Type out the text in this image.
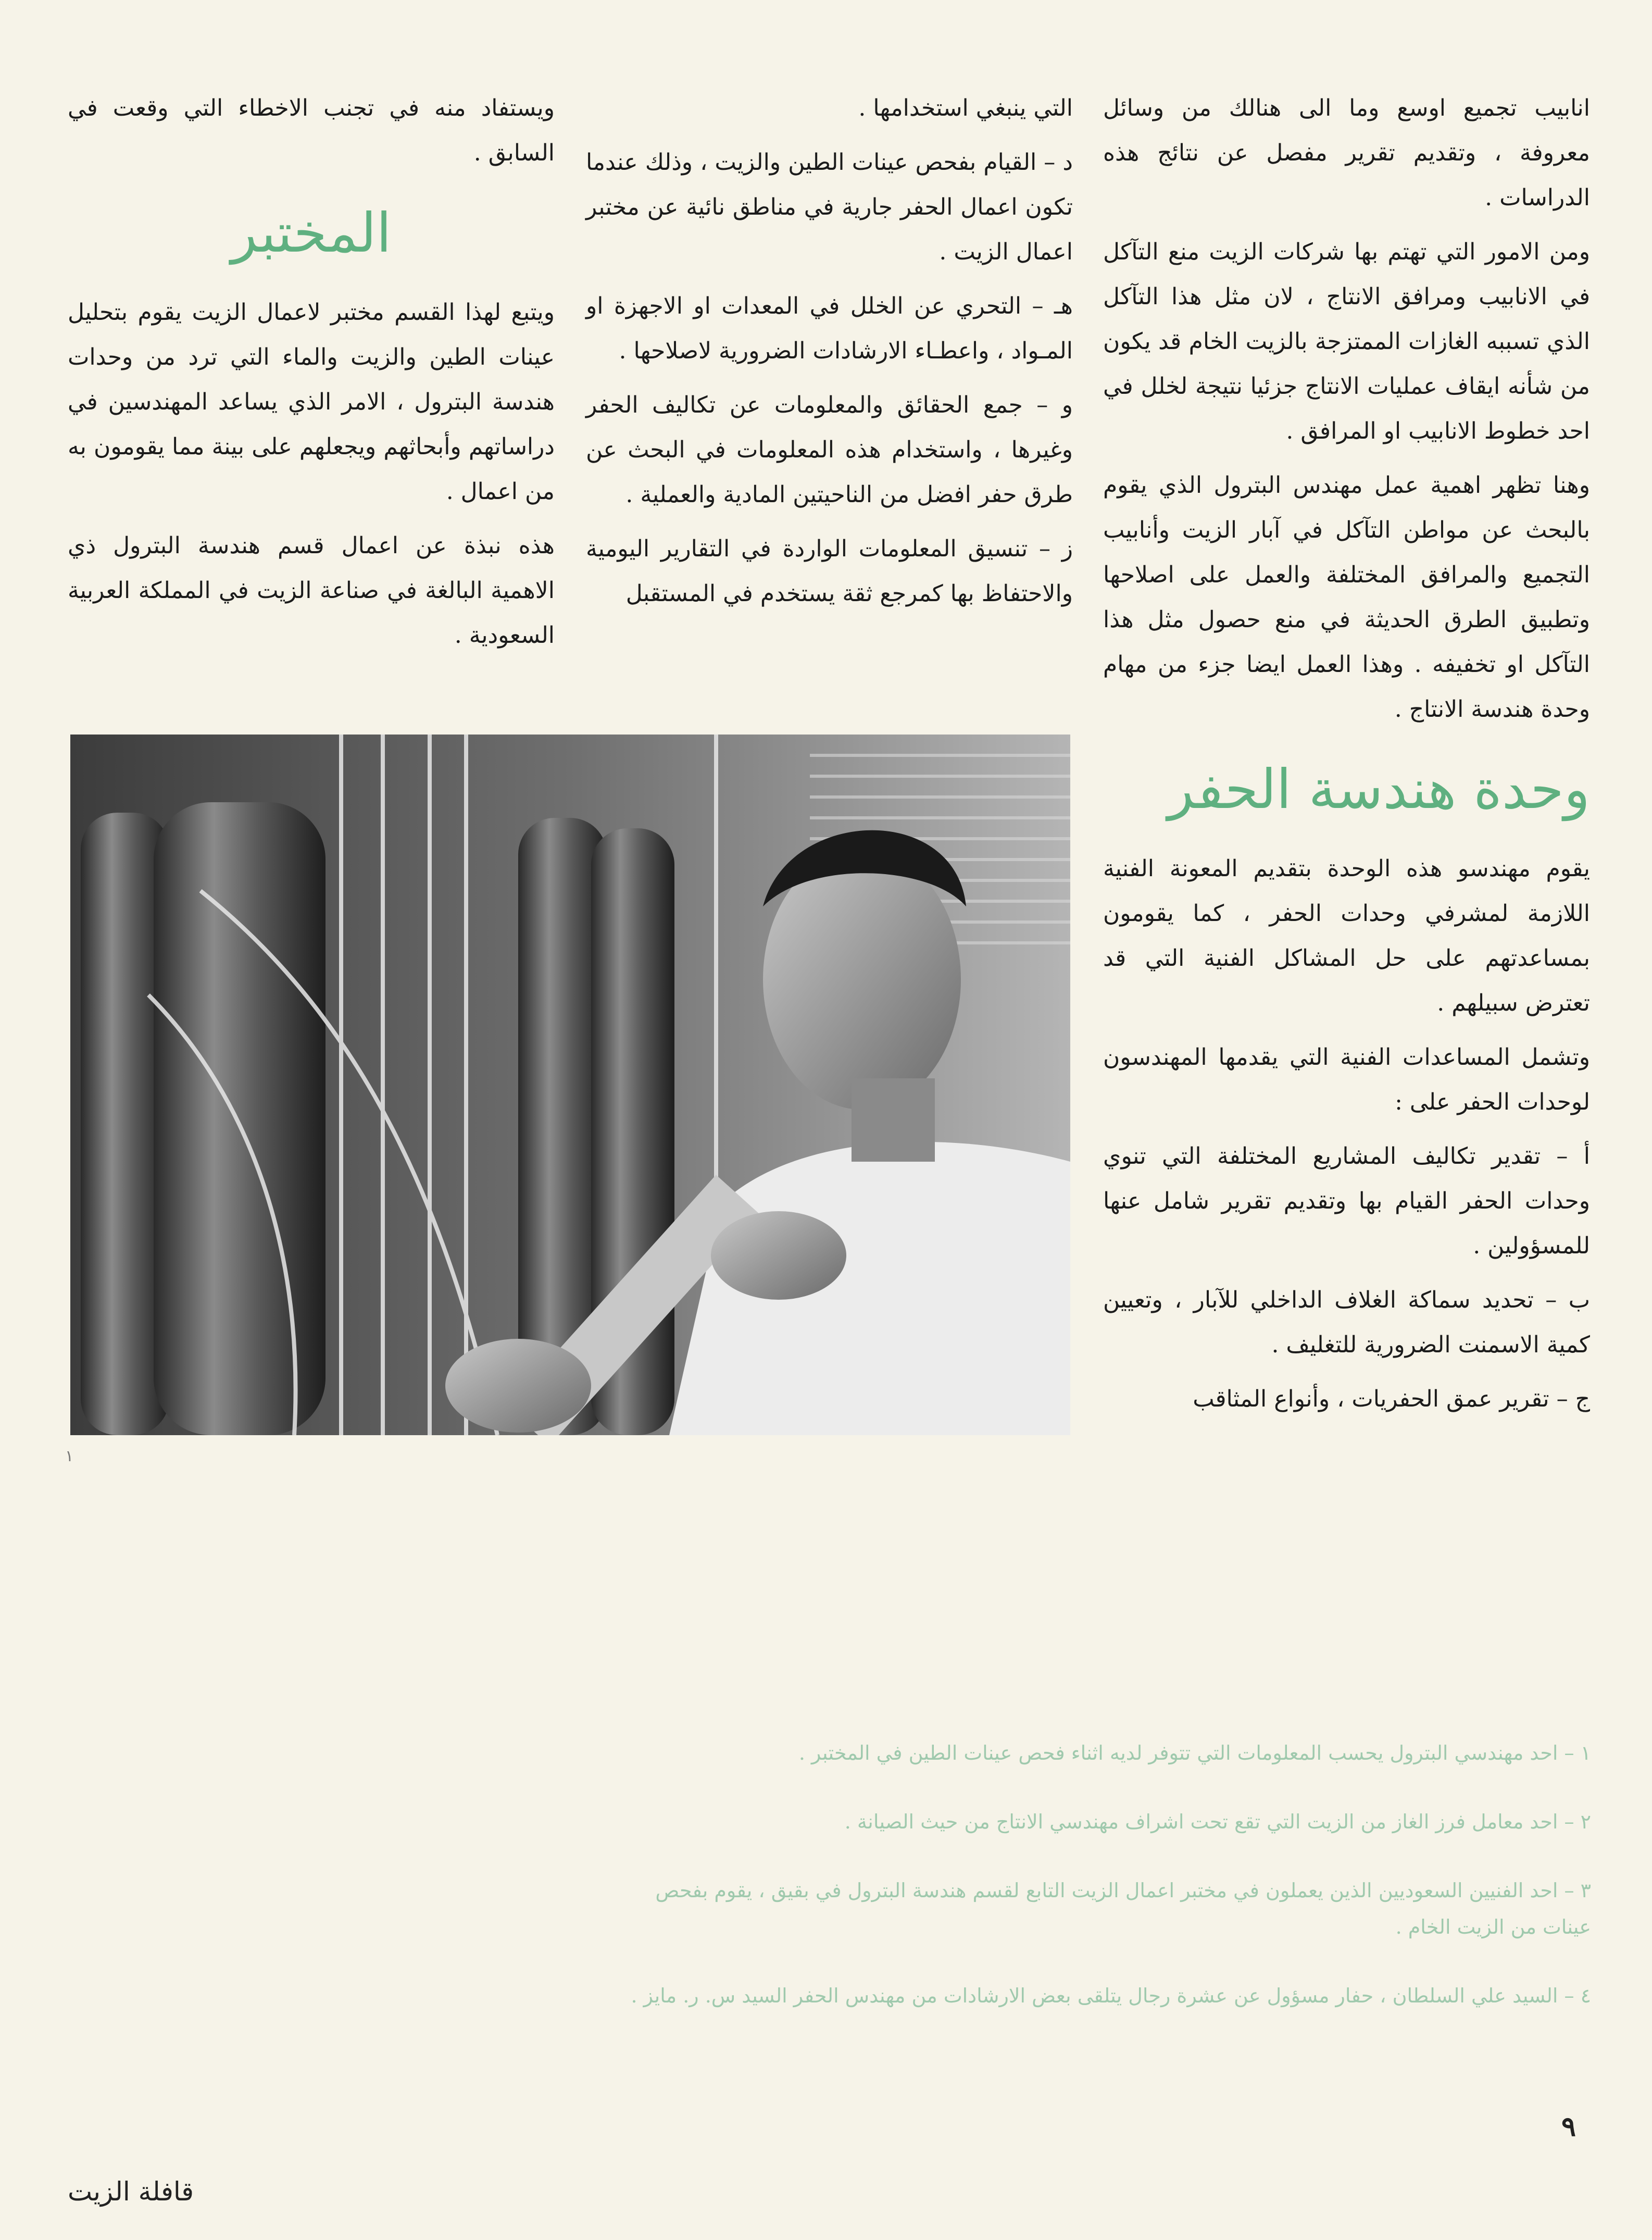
انابيب تجميع اوسع وما الى هنالك من وسائل معروفة ، وتقديم تقرير مفصل عن نتائج هذه الدراسات .

ومن الامور التي تهتم بها شركات الزيت منع التآكل في الانابيب ومرافق الانتاج ، لان مثل هذا التآكل الذي تسببه الغازات الممتزجة بالزيت الخام قد يكون من شأنه ايقاف عمليات الانتاج جزئيا نتيجة لخلل في احد خطوط الانابيب او المرافق .

وهنا تظهر اهمية عمل مهندس البترول الذي يقوم بالبحث عن مواطن التآكل في آبار الزيت وأنابيب التجميع والمرافق المختلفة والعمل على اصلاحها وتطبيق الطرق الحديثة في منع حصول مثل هذا التآكل او تخفيفه . وهذا العمل ايضا جزء من مهام وحدة هندسة الانتاج .

وحدة هندسة الحفر

يقوم مهندسو هذه الوحدة بتقديم المعونة الفنية اللازمة لمشرفي وحدات الحفر ، كما يقومون بمساعدتهم على حل المشاكل الفنية التي قد تعترض سبيلهم .

وتشمل المساعدات الفنية التي يقدمها المهندسون لوحدات الحفر على :

أ – تقدير تكاليف المشاريع المختلفة التي تنوي وحدات الحفر القيام بها وتقديم تقرير شامل عنها للمسؤولين .

ب – تحديد سماكة الغلاف الداخلي للآبار ، وتعيين كمية الاسمنت الضرورية للتغليف .

ج – تقرير عمق الحفريات ، وأنواع المثاقب

التي ينبغي استخدامها .

د – القيام بفحص عينات الطين والزيت ، وذلك عندما تكون اعمال الحفر جارية في مناطق نائية عن مختبر اعمال الزيت .

هـ – التحري عن الخلل في المعدات او الاجهزة او المـواد ، واعطـاء الارشادات الضرورية لاصلاحها .

و – جمع الحقائق والمعلومات عن تكاليف الحفر وغيرها ، واستخدام هذه المعلومات في البحث عن طرق حفر افضل من الناحيتين المادية والعملية .

ز – تنسيق المعلومات الواردة في التقارير اليومية والاحتفاظ بها كمرجع ثقة يستخدم في المستقبل

ويستفاد منه في تجنب الاخطاء التي وقعت في السابق .

المختبر

ويتبع لهذا القسم مختبر لاعمال الزيت يقوم بتحليل عينات الطين والزيت والماء التي ترد من وحدات هندسة البترول ، الامر الذي يساعد المهندسين في دراساتهم وأبحاثهم ويجعلهم على بينة مما يقومون به من اعمال .

هذه نبذة عن اعمال قسم هندسة البترول ذي الاهمية البالغة في صناعة الزيت في المملكة العربية السعودية .

١

١ – احد مهندسي البترول يحسب المعلومات التي تتوفر لديه اثناء فحص عينات الطين في المختبر .

٢ – احد معامل فرز الغاز من الزيت التي تقع تحت اشراف مهندسي الانتاج من حيث الصيانة .

٣ – احد الفنيين السعوديين الذين يعملون في مختبر اعمال الزيت التابع لقسم هندسة البترول في بقيق ، يقوم بفحص عينات من الزيت الخام .

٤ – السيد علي السلطان ، حفار مسؤول عن عشرة رجال يتلقى بعض الارشادات من مهندس الحفر السيد س. ر. مايز .

٩
قافلة الزيت
